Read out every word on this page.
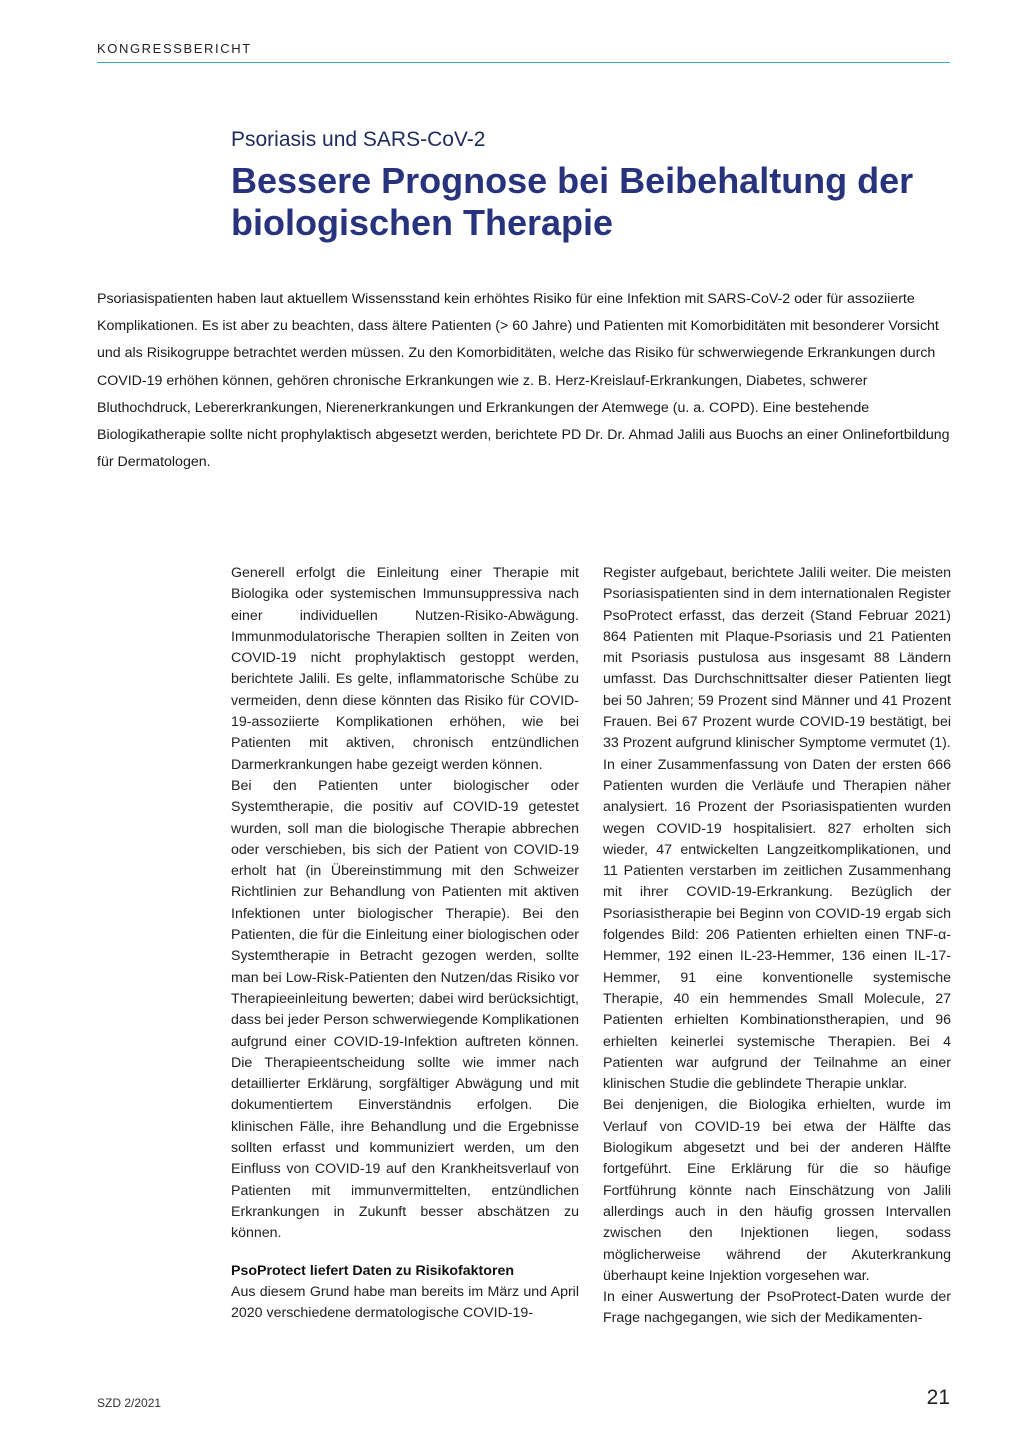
KONGRESSBERICHT
Psoriasis und SARS-CoV-2
Bessere Prognose bei Beibehaltung der biologischen Therapie
Psoriasispatienten haben laut aktuellem Wissensstand kein erhöhtes Risiko für eine Infektion mit SARS-CoV-2 oder für assoziierte Komplikationen. Es ist aber zu beachten, dass ältere Patienten (> 60 Jahre) und Patienten mit Komorbiditäten mit besonderer Vorsicht und als Risikogruppe betrachtet werden müssen. Zu den Komorbiditäten, welche das Risiko für schwerwiegende Erkrankungen durch COVID-19 erhöhen können, gehören chronische Erkrankungen wie z. B. Herz-Kreislauf-Erkrankungen, Diabetes, schwerer Bluthochdruck, Lebererkrankungen, Nierenerkrankungen und Erkrankungen der Atemwege (u. a. COPD). Eine bestehende Biologikatherapie sollte nicht prophylaktisch abgesetzt werden, berichtete PD Dr. Dr. Ahmad Jalili aus Buochs an einer Onlinefortbildung für Dermatologen.

Generell erfolgt die Einleitung einer Therapie mit Biologika oder systemischen Immunsuppressiva nach einer individuellen Nutzen-Risiko-Abwägung. Immunmodulatorische Therapien sollten in Zeiten von COVID-19 nicht prophylaktisch gestoppt werden, berichtete Jalili. Es gelte, inflammatorische Schübe zu vermeiden, denn diese könnten das Risiko für COVID-19-assoziierte Komplikationen erhöhen, wie bei Patienten mit aktiven, chronisch entzündlichen Darmerkrankungen habe gezeigt werden können.

Bei den Patienten unter biologischer oder Systemtherapie, die positiv auf COVID-19 getestet wurden, soll man die biologische Therapie abbrechen oder verschieben, bis sich der Patient von COVID-19 erholt hat (in Übereinstimmung mit den Schweizer Richtlinien zur Behandlung von Patienten mit aktiven Infektionen unter biologischer Therapie). Bei den Patienten, die für die Einleitung einer biologischen oder Systemtherapie in Betracht gezogen werden, sollte man bei Low-Risk-Patienten den Nutzen/das Risiko vor Therapieeinleitung bewerten; dabei wird berücksichtigt, dass bei jeder Person schwerwiegende Komplikationen aufgrund einer COVID-19-Infektion auftreten können. Die Therapieentscheidung sollte wie immer nach detaillierter Erklärung, sorgfältiger Abwägung und mit dokumentiertem Einverständnis erfolgen. Die klinischen Fälle, ihre Behandlung und die Ergebnisse sollten erfasst und kommuniziert werden, um den Einfluss von COVID-19 auf den Krankheitsverlauf von Patienten mit immunvermittelten, entzündlichen Erkrankungen in Zukunft besser abschätzen zu können.

PsoProtect liefert Daten zu Risikofaktoren

Aus diesem Grund habe man bereits im März und April 2020 verschiedene dermatologische COVID-19-

Register aufgebaut, berichtete Jalili weiter. Die meisten Psoriasispatienten sind in dem internationalen Register PsoProtect erfasst, das derzeit (Stand Februar 2021) 864 Patienten mit Plaque-Psoriasis und 21 Patienten mit Psoriasis pustulosa aus insgesamt 88 Ländern umfasst. Das Durchschnittsalter dieser Patienten liegt bei 50 Jahren; 59 Prozent sind Männer und 41 Prozent Frauen. Bei 67 Prozent wurde COVID-19 bestätigt, bei 33 Prozent aufgrund klinischer Symptome vermutet (1).

In einer Zusammenfassung von Daten der ersten 666 Patienten wurden die Verläufe und Therapien näher analysiert. 16 Prozent der Psoriasispatienten wurden wegen COVID-19 hospitalisiert. 827 erholten sich wieder, 47 entwickelten Langzeitkomplikationen, und 11 Patienten verstarben im zeitlichen Zusammenhang mit ihrer COVID-19-Erkrankung. Bezüglich der Psoriasistherapie bei Beginn von COVID-19 ergab sich folgendes Bild: 206 Patienten erhielten einen TNF-α-Hemmer, 192 einen IL-23-Hemmer, 136 einen IL-17-Hemmer, 91 eine konventionelle systemische Therapie, 40 ein hemmendes Small Molecule, 27 Patienten erhielten Kombinationstherapien, und 96 erhielten keinerlei systemische Therapien. Bei 4 Patienten war aufgrund der Teilnahme an einer klinischen Studie die geblindete Therapie unklar.

Bei denjenigen, die Biologika erhielten, wurde im Verlauf von COVID-19 bei etwa der Hälfte das Biologikum abgesetzt und bei der anderen Hälfte fortgeführt. Eine Erklärung für die so häufige Fortführung könnte nach Einschätzung von Jalili allerdings auch in den häufig grossen Intervallen zwischen den Injektionen liegen, sodass möglicherweise während der Akuterkrankung überhaupt keine Injektion vorgesehen war.

In einer Auswertung der PsoProtect-Daten wurde der Frage nachgegangen, wie sich der Medikamenten-

SZD 2/2021	21
